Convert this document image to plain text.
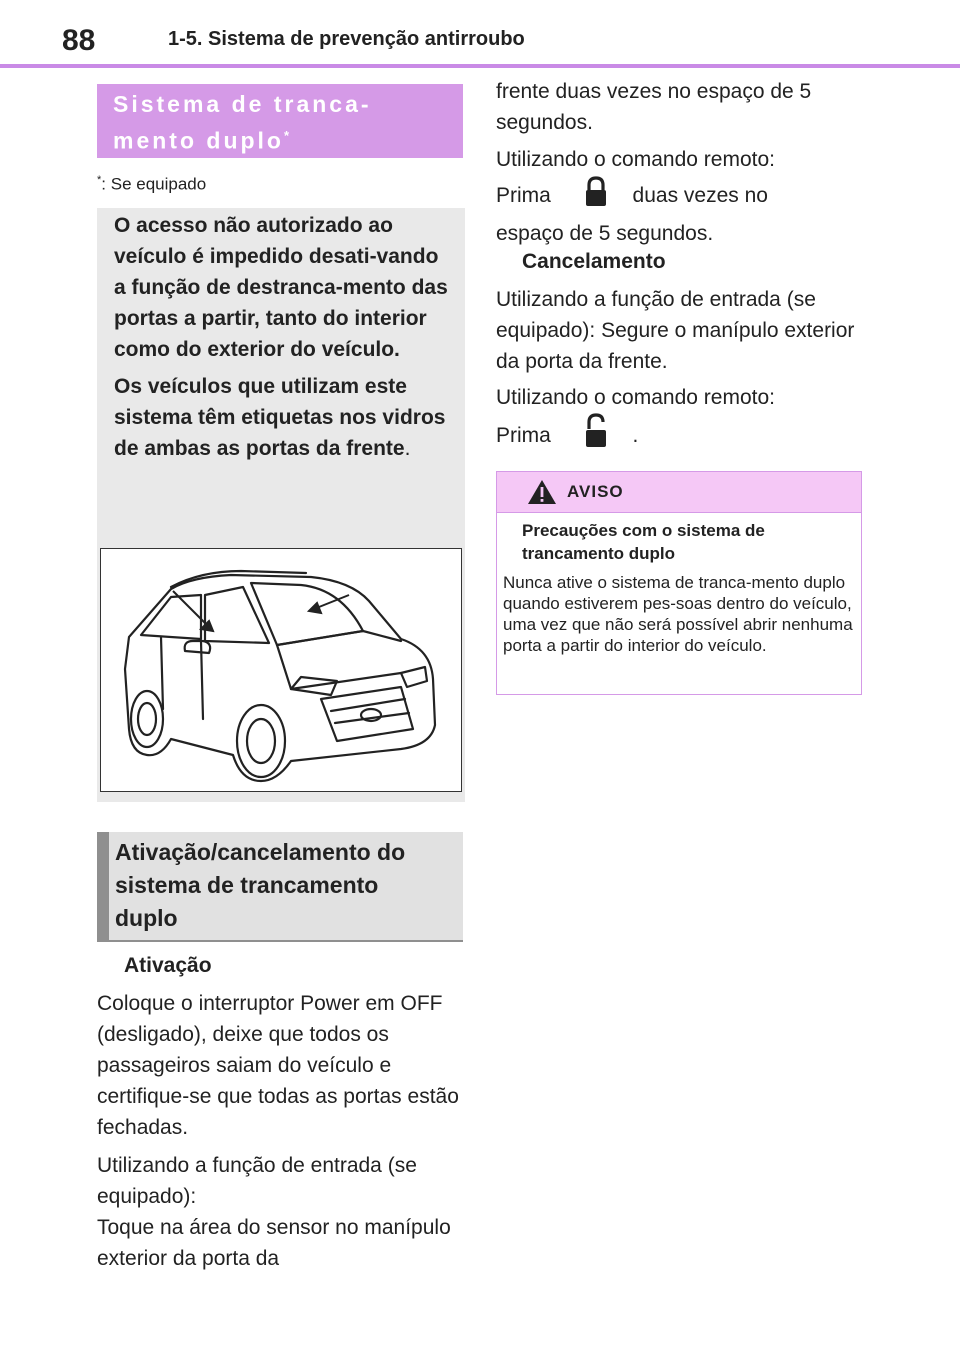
88	1-5. Sistema de prevenção antirroubo
Sistema de tranca-
mento duplo*
*: Se equipado

O acesso não autorizado ao veículo é impedido desati-vando a função de destranca-mento das portas a partir, tanto do interior como do exterior do veículo.

Os veículos que utilizam este sistema têm etiquetas nos vidros de ambas as portas da frente.

Ativação/cancelamento do
sistema de trancamento
duplo
Ativação
Coloque o interruptor Power em OFF (desligado), deixe que todos os passageiros saiam do veículo e certifique-se que todas as portas estão fechadas.
Utilizando a função de entrada (se equipado):
Toque na área do sensor no manípulo exterior da porta da
frente duas vezes no espaço de 5 segundos.
Utilizando o comando remoto:
Prima	duas vezes no
espaço de 5 segundos.
Cancelamento
Utilizando a função de entrada (se equipado): Segure o manípulo exterior da porta da frente.
Utilizando o comando remoto:
Prima	.
AVISO
Precauções com o sistema de trancamento duplo
Nunca ative o sistema de tranca-mento duplo quando estiverem pes-soas dentro do veículo, uma vez que não será possível abrir nenhuma porta a partir do interior do veículo.
